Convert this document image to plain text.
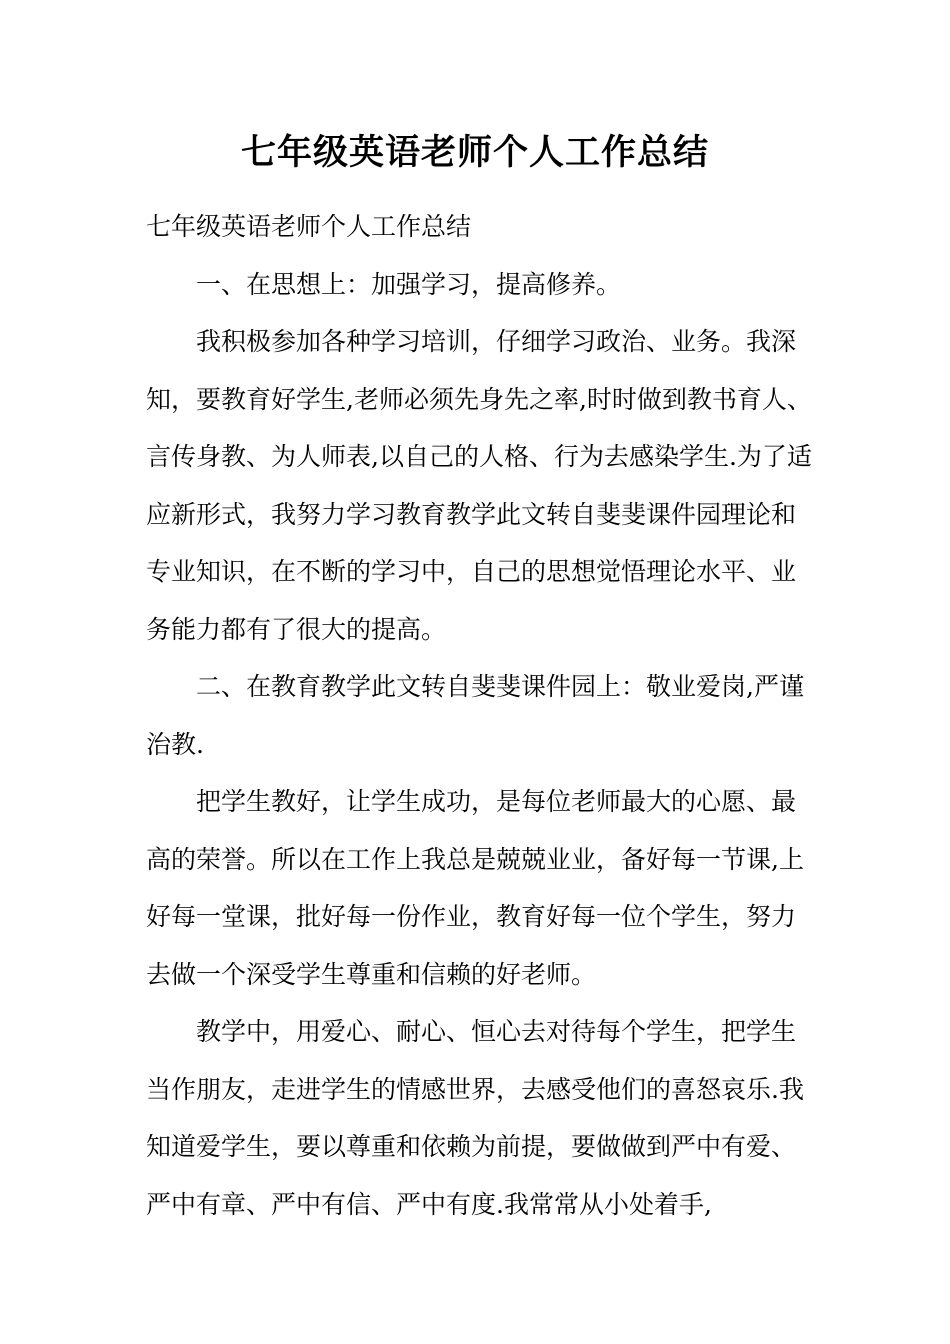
七年级英语老师个人工作总结

七年级英语老师个人工作总结

一、在思想上：加强学习，提高修养。

我积极参加各种学习培训，仔细学习政治、业务。我深知，要教育好学生,老师必须先身先之率,时时做到教书育人、言传身教、为人师表,以自己的人格、行为去感染学生.为了适应新形式，我努力学习教育教学此文转自斐斐课件园理论和专业知识，在不断的学习中，自己的思想觉悟理论水平、业务能力都有了很大的提高。

二、在教育教学此文转自斐斐课件园上：敬业爱岗,严谨治教.

把学生教好，让学生成功，是每位老师最大的心愿、最高的荣誉。所以在工作上我总是兢兢业业，备好每一节课,上好每一堂课，批好每一份作业，教育好每一位个学生，努力去做一个深受学生尊重和信赖的好老师。

教学中，用爱心、耐心、恒心去对待每个学生，把学生当作朋友，走进学生的情感世界，去感受他们的喜怒哀乐.我知道爱学生，要以尊重和依赖为前提，要做做到严中有爱、严中有章、严中有信、严中有度.我常常从小处着手,
